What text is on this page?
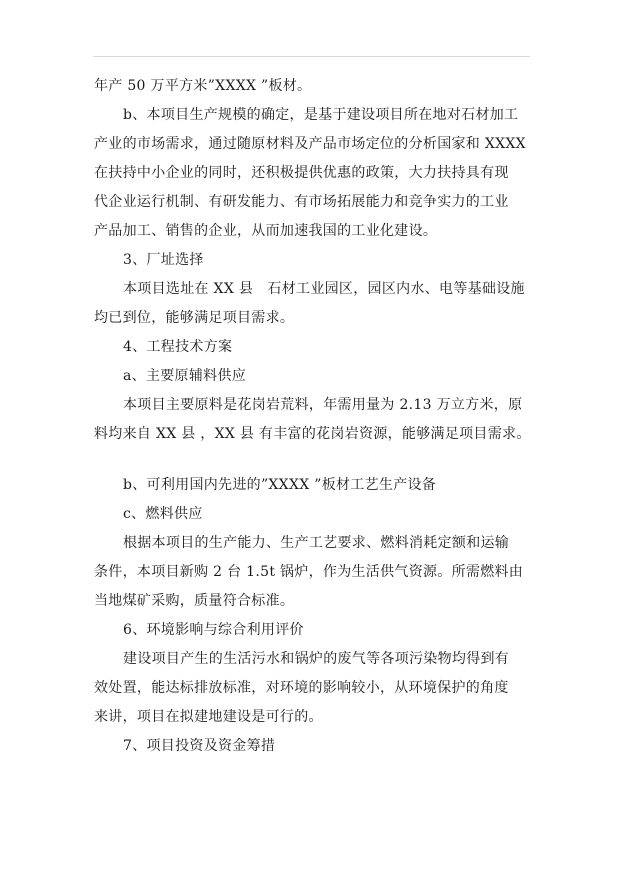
年产 50 万平方米”XXXX ”板材。
b、本项目生产规模的确定，是基于建设项目所在地对石材加工
产业的市场需求，通过随原材料及产品市场定位的分析国家和 XXXX
在扶持中小企业的同时，还积极提供优惠的政策，大力扶持具有现
代企业运行机制、有研发能力、有市场拓展能力和竞争实力的工业
产品加工、销售的企业，从而加速我国的工业化建设。
3、厂址选择
本项目选址在 XX 县　石材工业园区，园区内水、电等基础设施
均已到位，能够满足项目需求。
4、工程技术方案
a、主要原辅料供应
本项目主要原料是花岗岩荒料，年需用量为 2.13 万立方米，原
料均来自 XX 县 ，XX 县 有丰富的花岗岩资源，能够满足项目需求。
b、可利用国内先进的”XXXX ”板材工艺生产设备
c、燃料供应
根据本项目的生产能力、生产工艺要求、燃料消耗定额和运输
条件，本项目新购 2 台 1.5t 锅炉，作为生活供气资源。所需燃料由
当地煤矿采购，质量符合标准。
6、环境影响与综合利用评价
建设项目产生的生活污水和锅炉的废气等各项污染物均得到有
效处置，能达标排放标准，对环境的影响较小，从环境保护的角度
来讲，项目在拟建地建设是可行的。
7、项目投资及资金筹措
